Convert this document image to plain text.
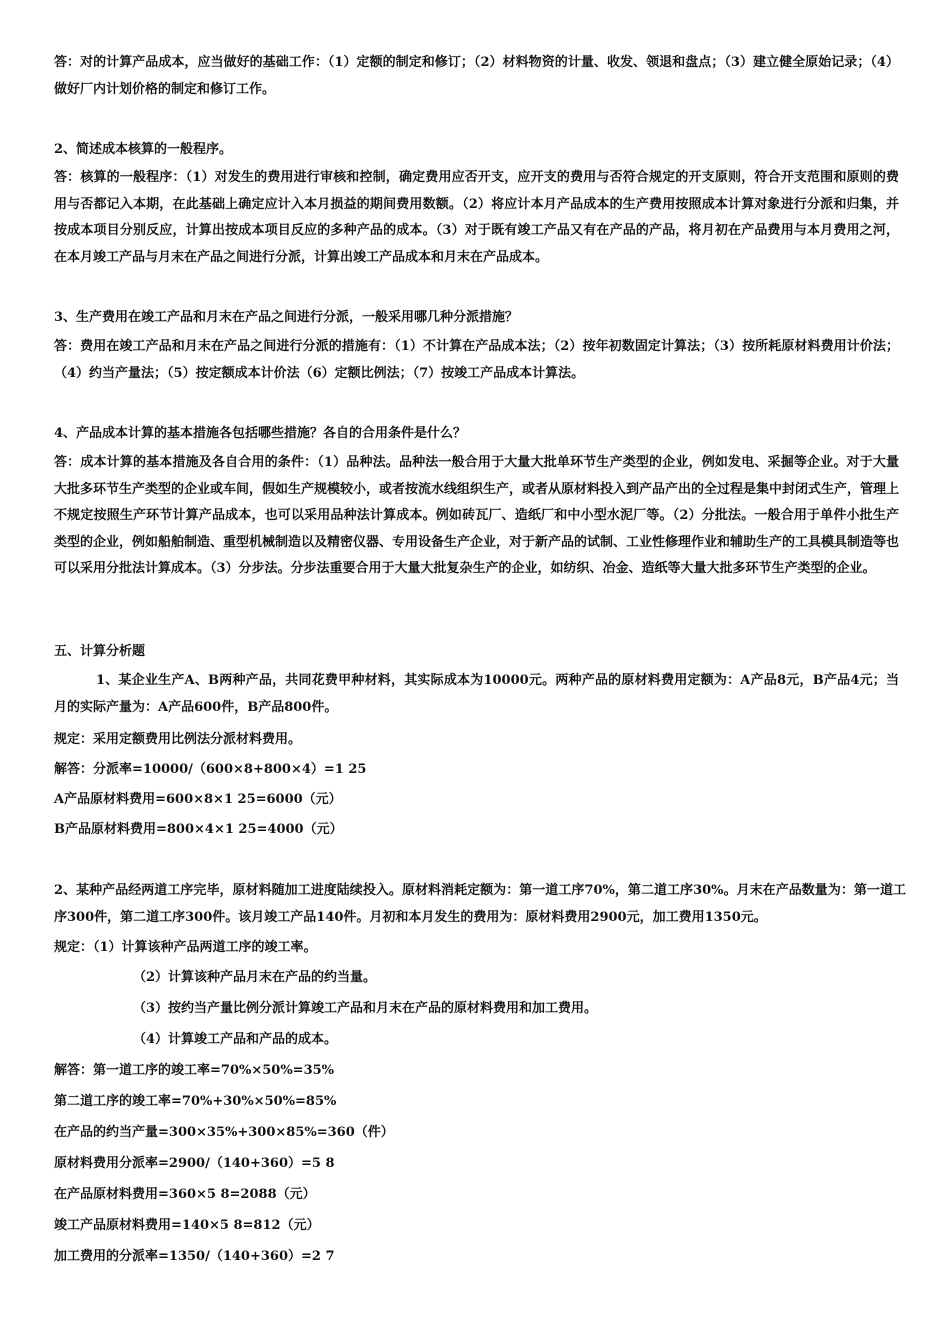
答：对的计算产品成本，应当做好的基础工作：（1）定额的制定和修订；（2）材料物资的计量、收发、领退和盘点；（3）建立健全原始记录；（4）做好厂内计划价格的制定和修订工作。

2、简述成本核算的一般程序。

答：核算的一般程序：（1）对发生的费用进行审核和控制，确定费用应否开支，应开支的费用与否符合规定的开支原则，符合开支范围和原则的费用与否都记入本期，在此基础上确定应计入本月损益的期间费用数额。（2）将应计本月产品成本的生产费用按照成本计算对象进行分派和归集，并按成本项目分别反应，计算出按成本项目反应的多种产品的成本。（3）对于既有竣工产品又有在产品的产品，将月初在产品费用与本月费用之河，在本月竣工产品与月末在产品之间进行分派，计算出竣工产品成本和月末在产品成本。

3、生产费用在竣工产品和月末在产品之间进行分派，一般采用哪几种分派措施？

答：费用在竣工产品和月末在产品之间进行分派的措施有：（1）不计算在产品成本法；（2）按年初数固定计算法；（3）按所耗原材料费用计价法；（4）约当产量法；（5）按定额成本计价法（6）定额比例法；（7）按竣工产品成本计算法。

4、产品成本计算的基本措施各包括哪些措施？各自的合用条件是什么？

答：成本计算的基本措施及各自合用的条件：（1）品种法。品种法一般合用于大量大批单环节生产类型的企业，例如发电、采掘等企业。对于大量大批多环节生产类型的企业或车间，假如生产规模较小，或者按流水线组织生产，或者从原材料投入到产品产出的全过程是集中封闭式生产，管理上不规定按照生产环节计算产品成本，也可以采用品种法计算成本。例如砖瓦厂、造纸厂和中小型水泥厂等。（2）分批法。一般合用于单件小批生产类型的企业，例如船舶制造、重型机械制造以及精密仪器、专用设备生产企业，对于新产品的试制、工业性修理作业和辅助生产的工具模具制造等也可以采用分批法计算成本。（3）分步法。分步法重要合用于大量大批复杂生产的企业，如纺织、冶金、造纸等大量大批多环节生产类型的企业。

五、计算分析题

1、某企业生产A、B两种产品，共同花费甲种材料，其实际成本为10000元。两种产品的原材料费用定额为：A产品8元，B产品4元；当月的实际产量为：A产品600件，B产品800件。

规定：采用定额费用比例法分派材料费用。

解答：分派率=10000/（600×8+800×4）=1 25

A产品原材料费用=600×8×1 25=6000（元）

B产品原材料费用=800×4×1 25=4000（元）

2、某种产品经两道工序完毕，原材料随加工进度陆续投入。原材料消耗定额为：第一道工序70%，第二道工序30%。月末在产品数量为：第一道工序300件，第二道工序300件。该月竣工产品140件。月初和本月发生的费用为：原材料费用2900元，加工费用1350元。

规定：（1）计算该种产品两道工序的竣工率。

（2）计算该种产品月末在产品的约当量。

（3）按约当产量比例分派计算竣工产品和月末在产品的原材料费用和加工费用。

（4）计算竣工产品和产品的成本。

解答：第一道工序的竣工率=70%×50%=35%

第二道工序的竣工率=70%+30%×50%=85%

在产品的约当产量=300×35%+300×85%=360（件）

原材料费用分派率=2900/（140+360）=5 8

在产品原材料费用=360×5 8=2088（元）

竣工产品原材料费用=140×5 8=812（元）

加工费用的分派率=1350/（140+360）=2 7
